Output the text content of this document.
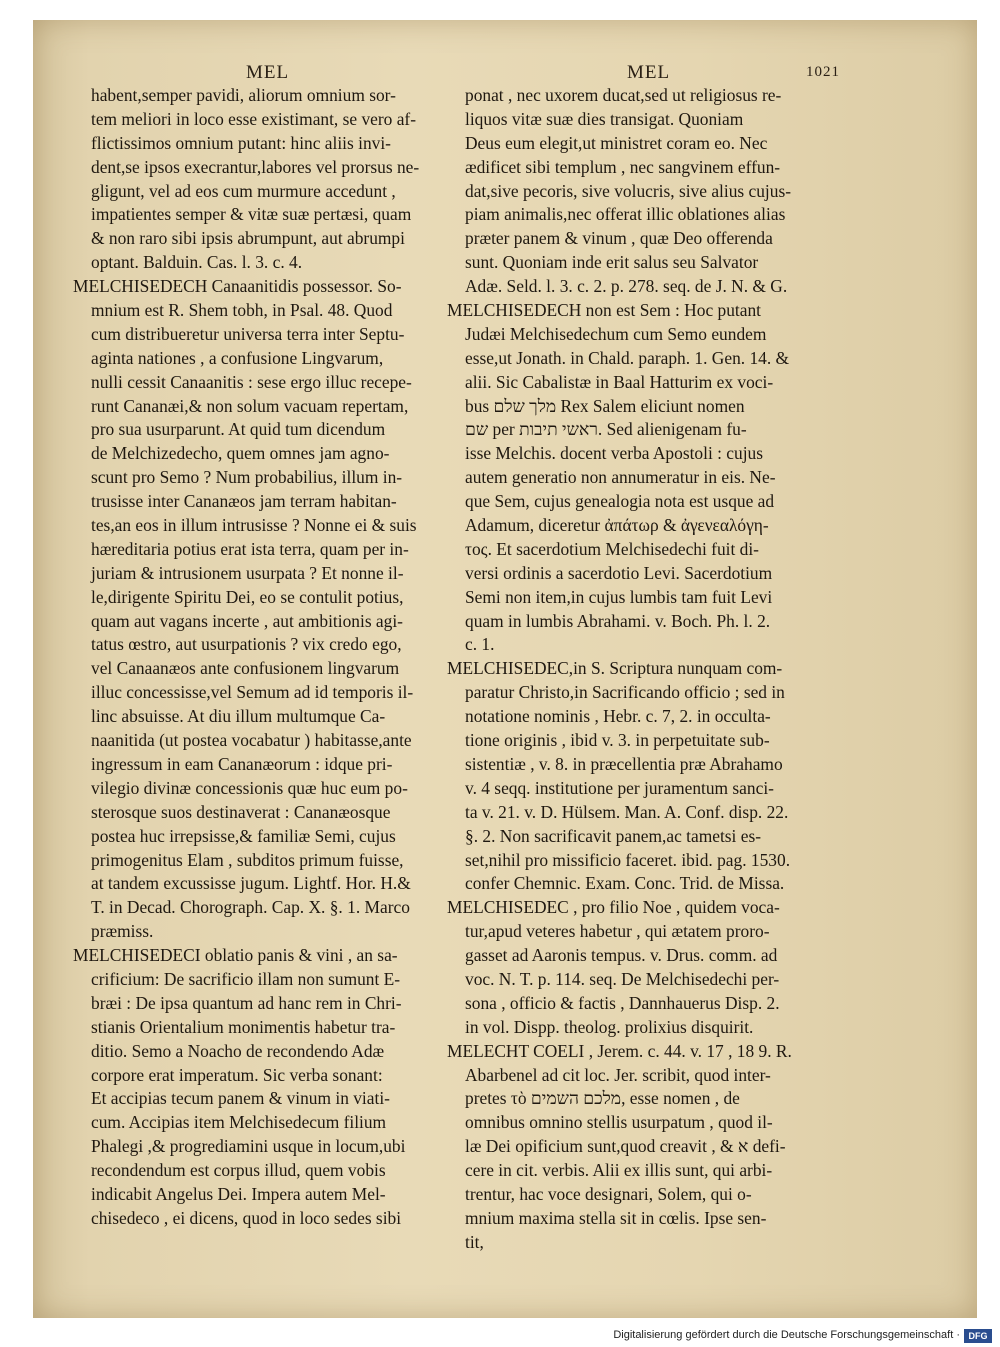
MEL	MEL	1021
habent,semper pavidi, aliorum omnium sor-
tem meliori in loco esse existimant, se vero af-
flictissimos omnium putant: hinc aliis invi-
dent,se ipsos execrantur,labores vel prorsus ne-
gligunt, vel ad eos cum murmure accedunt ,
impatientes semper & vitæ suæ pertæsi, quam
& non raro sibi ipsis abrumpunt, aut abrumpi
optant. Balduin. Cas. l. 3. c. 4.
MELCHISEDECH Canaanitidis possessor. So-
mnium est R. Shem tobh, in Psal. 48. Quod
cum distribueretur universa terra inter Septu-
aginta nationes , a confusione Lingvarum,
nulli cessit Canaanitis : sese ergo illuc recepe-
runt Cananæi,& non solum vacuam repertam,
pro sua usurparunt. At quid tum dicendum
de Melchizedecho, quem omnes jam agno-
scunt pro Semo ? Num probabilius, illum in-
trusisse inter Cananæos jam terram habitan-
tes,an eos in illum intrusisse ? Nonne ei & suis
hæreditaria potius erat ista terra, quam per in-
juriam & intrusionem usurpata ? Et nonne il-
le,dirigente Spiritu Dei, eo se contulit potius,
quam aut vagans incerte , aut ambitionis agi-
tatus œstro, aut usurpationis ? vix credo ego,
vel Canaanæos ante confusionem lingvarum
illuc concessisse,vel Semum ad id temporis il-
linc absuisse. At diu illum multumque Ca-
naanitida (ut postea vocabatur ) habitasse,ante
ingressum in eam Cananæorum : idque pri-
vilegio divinæ concessionis quæ huc eum po-
sterosque suos destinaverat : Cananæosque
postea huc irrepsisse,& familiæ Semi, cujus
primogenitus Elam , subditos primum fuisse,
at tandem excussisse jugum. Lightf. Hor. H.&
T. in Decad. Chorograph. Cap. X. §. 1. Marco
præmiss.
MELCHISEDECI oblatio panis & vini , an sa-
crificium: De sacrificio illam non sumunt E-
bræi : De ipsa quantum ad hanc rem in Chri-
stianis Orientalium monimentis habetur tra-
ditio. Semo a Noacho de recondendo Adæ
corpore erat imperatum. Sic verba sonant:
Et accipias tecum panem & vinum in viati-
cum. Accipias item Melchisedecum filium
Phalegi ,& progrediamini usque in locum,ubi
recondendum est corpus illud, quem vobis
indicabit Angelus Dei. Impera autem Mel-
chisedeco , ei dicens, quod in loco sedes sibi
ponat , nec uxorem ducat,sed ut religiosus re-
liquos vitæ suæ dies transigat. Quoniam
Deus eum elegit,ut ministret coram eo. Nec
ædificet sibi templum , nec sangvinem effun-
dat,sive pecoris, sive volucris, sive alius cujus-
piam animalis,nec offerat illic oblationes alias
præter panem & vinum , quæ Deo offerenda
sunt. Quoniam inde erit salus seu Salvator
Adæ. Seld. l. 3. c. 2. p. 278. seq. de J. N. & G.
MELCHISEDECH non est Sem : Hoc putant
Judæi Melchisedechum cum Semo eundem
esse,ut Jonath. in Chald. paraph. 1. Gen. 14. &
alii. Sic Cabalistæ in Baal Hatturim ex voci-
bus מלך שלם Rex Salem eliciunt nomen
שם per ראשי תיבות. Sed alienigenam fu-
isse Melchis. docent verba Apostoli : cujus
autem generatio non annumeratur in eis. Ne-
que Sem, cujus genealogia nota est usque ad
Adamum, diceretur ἀπάτωρ & ἀγενεαλόγη-
τος. Et sacerdotium Melchisedechi fuit di-
versi ordinis a sacerdotio Levi. Sacerdotium
Semi non item,in cujus lumbis tam fuit Levi
quam in lumbis Abrahami. v. Boch. Ph. l. 2.
c. 1.
MELCHISEDEC,in S. Scriptura nunquam com-
paratur Christo,in Sacrificando officio ; sed in
notatione nominis , Hebr. c. 7, 2. in occulta-
tione originis , ibid v. 3. in perpetuitate sub-
sistentiæ , v. 8. in præcellentia præ Abrahamo
v. 4 seqq. institutione per juramentum sanci-
ta v. 21. v. D. Hülsem. Man. A. Conf. disp. 22.
§. 2. Non sacrificavit panem,ac tametsi es-
set,nihil pro missificio faceret. ibid. pag. 1530.
confer Chemnic. Exam. Conc. Trid. de Missa.
MELCHISEDEC , pro filio Noe , quidem voca-
tur,apud veteres habetur , qui ætatem proro-
gasset ad Aaronis tempus. v. Drus. comm. ad
voc. N. T. p. 114. seq. De Melchisedechi per-
sona , officio & factis , Dannhauerus Disp. 2.
in vol. Dispp. theolog. prolixius disquirit.
MELECHT COELI , Jerem. c. 44. v. 17 , 18 9. R.
Abarbenel ad cit loc. Jer. scribit, quod inter-
pretes τὸ מלכם השמים, esse nomen , de
omnibus omnino stellis usurpatum , quod il-
læ Dei opificium sunt,quod creavit , & א defi-
cere in cit. verbis. Alii ex illis sunt, qui arbi-
trentur, hac voce designari, Solem, qui o-
mnium maxima stella sit in cœlis. Ipse sen-
tit,
Digitalisierung gefördert durch die Deutsche Forschungsgemeinschaft · DFG
